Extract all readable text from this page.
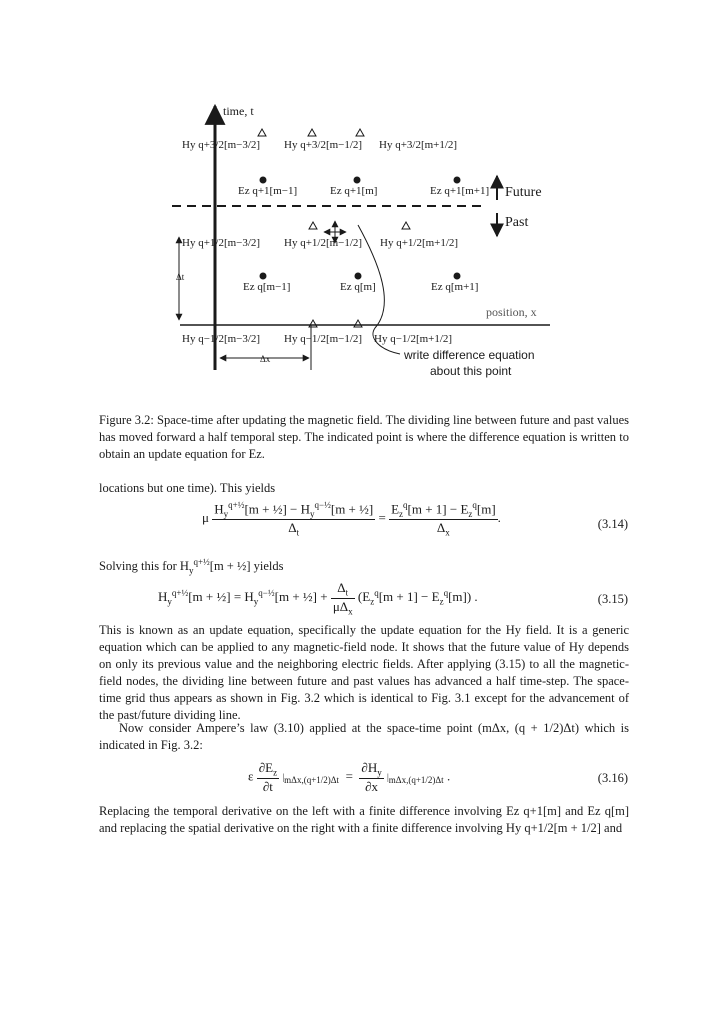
time, t
position, x
Future
Past
Δt
Δx	write difference equation
about this point
Hy q+3/2[m−3/2] Hy q+3/2[m−1/2] Hy q+3/2[m+1/2]
Ez q+1[m−1]	Ez q+1[m]	Ez q+1[m+1]
Hy q+1/2[m−3/2] Hy q+1/2[m−1/2] Hy q+1/2[m+1/2]
Ez q[m−1]	Ez q[m]	Ez q[m+1]
Hy q−1/2[m−3/2] Hy q−1/2[m−1/2] Hy q−1/2[m+1/2]
Figure 3.2: Space-time after updating the magnetic field. The dividing line between future and past values has moved forward a half temporal step. The indicated point is where the difference equation is written to obtain an update equation for Ez.

locations but one time). This yields

μ $\frac{H_y^{q+\frac{1}{2}}[m + \frac{1}{2}] - H_y^{q-\frac{1}{2}}[m + \frac{1}{2}]}{\Delta_t} = \frac{E_z^q[m + 1] - E_z^q[m]}{\Delta_x}$ .	(3.14)
Solving this for $H_y^{q+\frac{1}{2}}[m$ + ½] yields
$H_y^{q+\frac{1}{2}}[m$ + ½] = $H_y^{q-\frac{1}{2}}[m$ + ½] + $\frac{\Delta_t}{\mu\Delta_x} (E_z^q[m + 1] - E_z^q[m])$ .	(3.15)

This is known as an update equation, specifically the update equation for the Hy field. It is a generic equation which can be applied to any magnetic-field node. It shows that the future value of Hy depends on only its previous value and the neighboring electric fields. After applying (3.15) to all the magnetic-field nodes, the dividing line between future and past values has advanced a half time-step. The space-time grid thus appears as shown in Fig. 3.2 which is identical to Fig. 3.1 except for the advancement of the past/future dividing line.

Now consider Ampere’s law (3.10) applied at the space-time point (mΔx, (q + 1/2)Δt) which is indicated in Fig. 3.2:

ε $\frac{\partial E_z}{\partial t} |_{m\Delta x,(q+1/2)\Delta t} = \frac{\partial H_y}{\partial x} |_{m\Delta x,(q+1/2)\Delta t}$ .	(3.16)

Replacing the temporal derivative on the left with a finite difference involving Ez q+1[m] and Ez q[m] and replacing the spatial derivative on the right with a finite difference involving Hy q+1/2[m + 1/2] and
